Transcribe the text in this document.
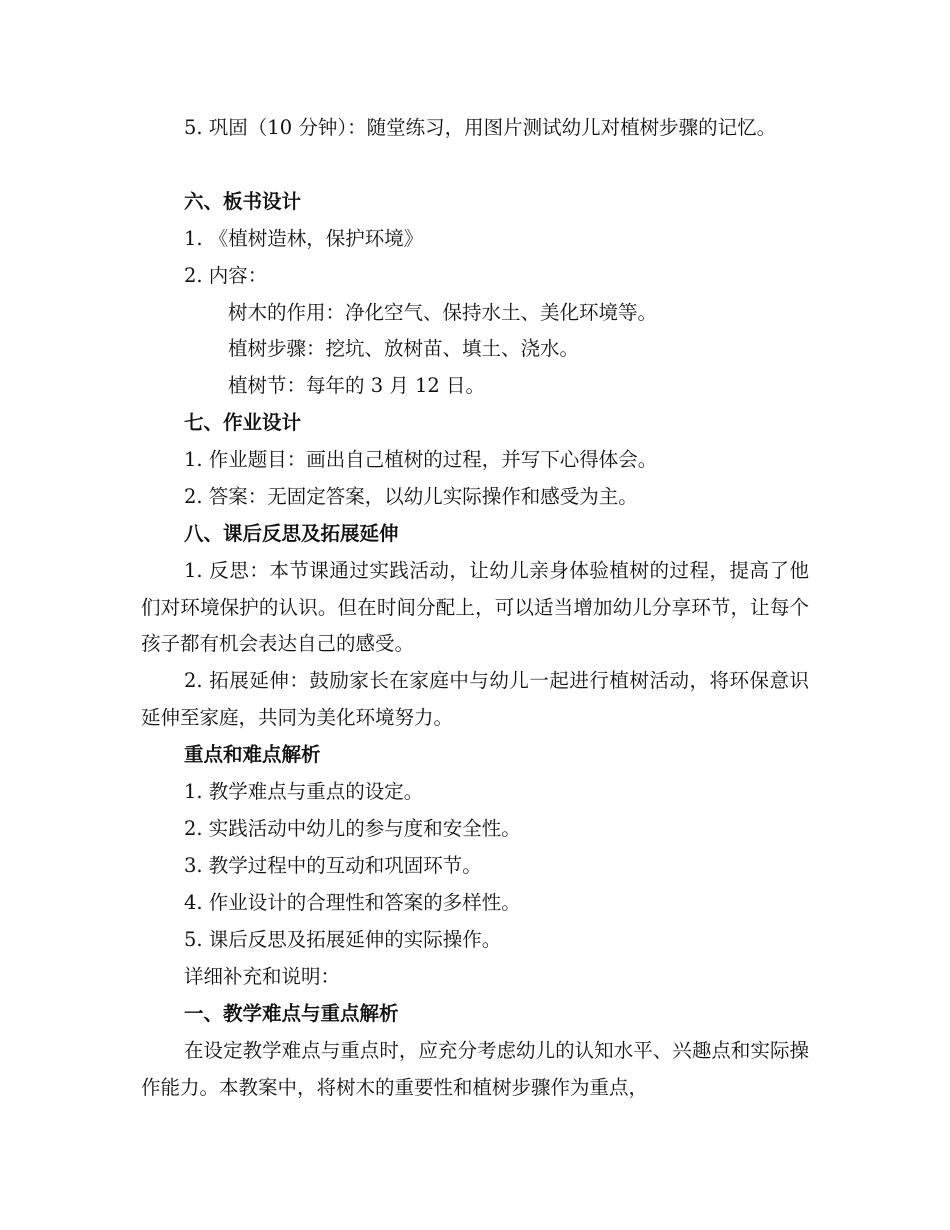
5. 巩固（10 分钟）：随堂练习，用图片测试幼儿对植树步骤的记忆。

六、板书设计

1. 《植树造林，保护环境》

2. 内容：

树木的作用：净化空气、保持水土、美化环境等。

植树步骤：挖坑、放树苗、填土、浇水。

植树节：每年的 3 月 12 日。

七、作业设计

1. 作业题目：画出自己植树的过程，并写下心得体会。

2. 答案：无固定答案，以幼儿实际操作和感受为主。

八、课后反思及拓展延伸

1. 反思：本节课通过实践活动，让幼儿亲身体验植树的过程，提高了他们对环境保护的认识。但在时间分配上，可以适当增加幼儿分享环节，让每个孩子都有机会表达自己的感受。

2. 拓展延伸：鼓励家长在家庭中与幼儿一起进行植树活动，将环保意识延伸至家庭，共同为美化环境努力。

重点和难点解析

1. 教学难点与重点的设定。

2. 实践活动中幼儿的参与度和安全性。

3. 教学过程中的互动和巩固环节。

4. 作业设计的合理性和答案的多样性。

5. 课后反思及拓展延伸的实际操作。

详细补充和说明：

一、教学难点与重点解析

在设定教学难点与重点时，应充分考虑幼儿的认知水平、兴趣点和实际操作能力。本教案中，将树木的重要性和植树步骤作为重点，
